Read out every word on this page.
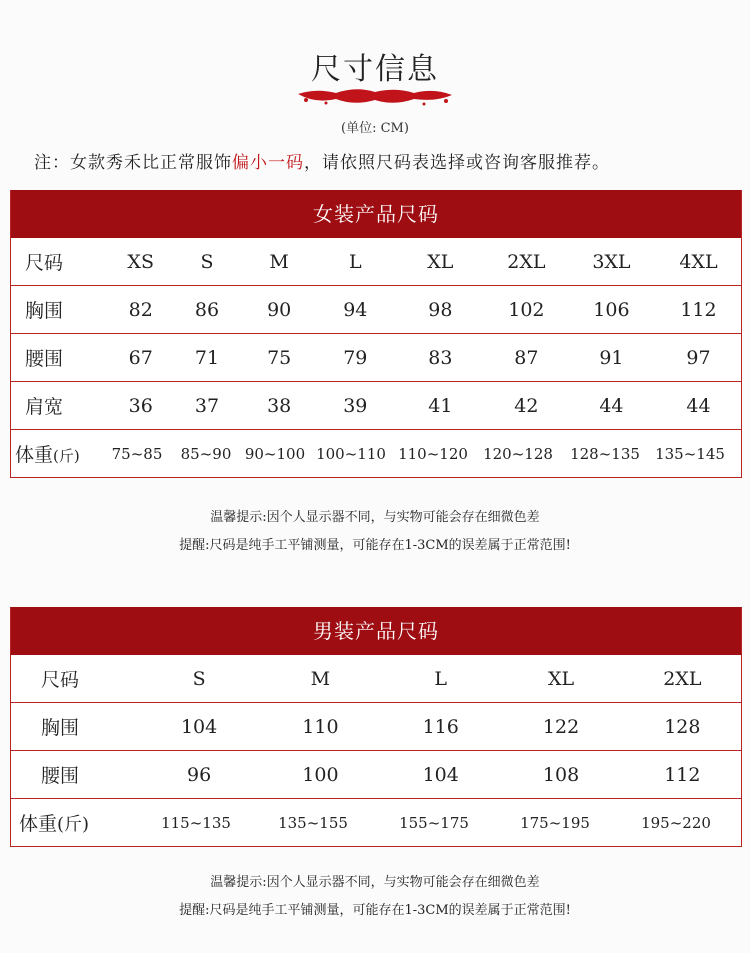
尺寸信息
(单位: CM)
注：女款秀禾比正常服饰偏小一码，请依照尺码表选择或咨询客服推荐。
女装产品尺码
尺码	XS	S	M	L	XL	2XL	3XL	4XL
胸围	82	86	90	94	98	102	106	112
腰围	67	71	75	79	83	87	91	97
肩宽	36	37	38	39	41	42	44	44
体重(斤)	75~85	85~90 90~100 100~110 110~120	120~128	128~135	135~145
温馨提示:因个人显示器不同，与实物可能会存在细微色差
提醒:尺码是纯手工平铺测量，可能存在1-3CM的误差属于正常范围!
男装产品尺码
尺码	S	M	L	XL	2XL
胸围	104	110	116	122	128
腰围	96	100	104	108	112
体重(斤)	115~135	135~155	155~175	175~195	195~220
温馨提示:因个人显示器不同，与实物可能会存在细微色差
提醒:尺码是纯手工平铺测量，可能存在1-3CM的误差属于正常范围!
